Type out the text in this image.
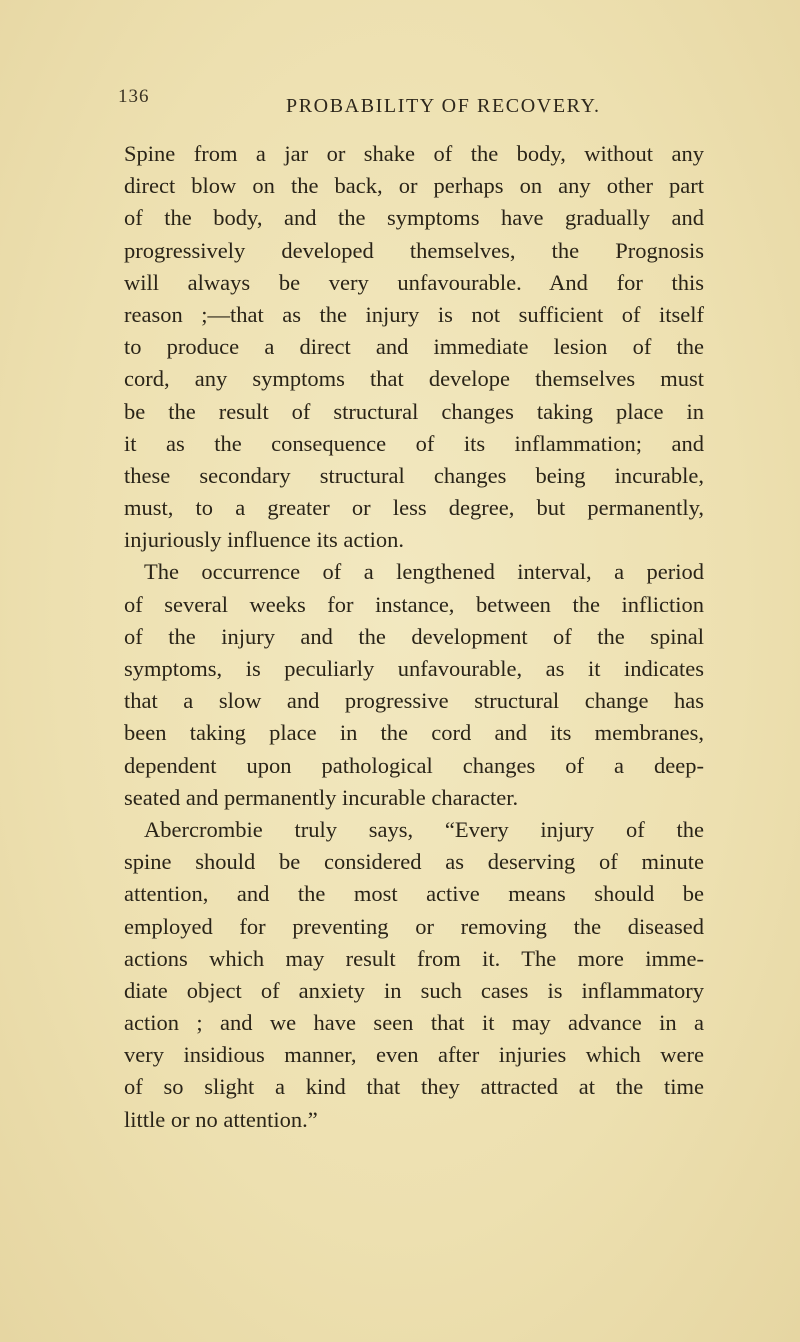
136	PROBABILITY OF RECOVERY.
Spine from a jar or shake of the body, without any
direct blow on the back, or perhaps on any other part
of the body, and the symptoms have gradually and
progressively developed themselves, the Prognosis
will always be very unfavourable. And for this
reason ;—that as the injury is not sufficient of itself
to produce a direct and immediate lesion of the
cord, any symptoms that develope themselves must
be the result of structural changes taking place in
it as the consequence of its inflammation; and
these secondary structural changes being incurable,
must, to a greater or less degree, but permanently,
injuriously influence its action.
The occurrence of a lengthened interval, a period
of several weeks for instance, between the infliction
of the injury and the development of the spinal
symptoms, is peculiarly unfavourable, as it indicates
that a slow and progressive structural change has
been taking place in the cord and its membranes,
dependent upon pathological changes of a deep-
seated and permanently incurable character.
Abercrombie truly says, “Every injury of the
spine should be considered as deserving of minute
attention, and the most active means should be
employed for preventing or removing the diseased
actions which may result from it. The more imme-
diate object of anxiety in such cases is inflammatory
action ; and we have seen that it may advance in a
very insidious manner, even after injuries which were
of so slight a kind that they attracted at the time
little or no attention.”
